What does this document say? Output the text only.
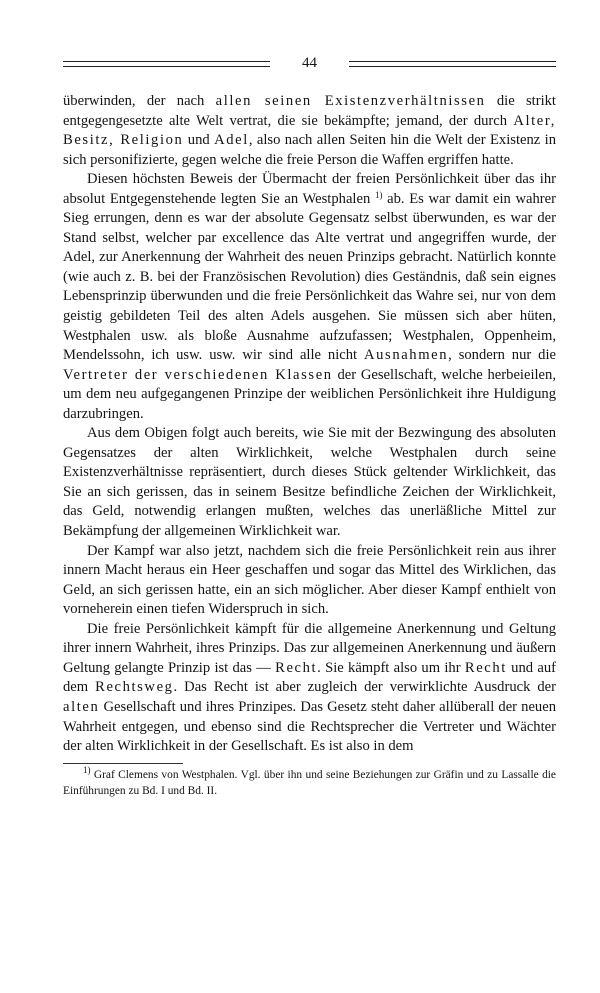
44

überwinden, der nach allen seinen Existenzverhältnissen die strikt entgegengesetzte alte Welt vertrat, die sie bekämpfte; jemand, der durch Alter, Besitz, Religion und Adel, also nach allen Seiten hin die Welt der Existenz in sich personifizierte, gegen welche die freie Person die Waffen ergriffen hatte.

Diesen höchsten Beweis der Übermacht der freien Persönlichkeit über das ihr absolut Entgegenstehende legten Sie an Westphalen $^{1)}$ ab. Es war damit ein wahrer Sieg errungen, denn es war der absolute Gegensatz selbst überwunden, es war der Stand selbst, welcher par excellence das Alte vertrat und angegriffen wurde, der Adel, zur Anerkennung der Wahrheit des neuen Prinzips gebracht. Natürlich konnte (wie auch z. B. bei der Französischen Revolution) dies Geständnis, daß sein eignes Lebensprinzip überwunden und die freie Persönlichkeit das Wahre sei, nur von dem geistig gebildeten Teil des alten Adels ausgehen. Sie müssen sich aber hüten, Westphalen usw. als bloße Ausnahme aufzufassen; Westphalen, Oppenheim, Mendelssohn, ich usw. usw. wir sind alle nicht Ausnahmen, sondern nur die Vertreter der verschiedenen Klassen der Gesellschaft, welche herbeieilen, um dem neu aufgegangenen Prinzipe der weiblichen Persönlichkeit ihre Huldigung darzubringen.

Aus dem Obigen folgt auch bereits, wie Sie mit der Bezwingung des absoluten Gegensatzes der alten Wirklichkeit, welche Westphalen durch seine Existenzverhältnisse repräsentiert, durch dieses Stück geltender Wirklichkeit, das Sie an sich gerissen, das in seinem Besitze befindliche Zeichen der Wirklichkeit, das Geld, notwendig erlangen mußten, welches das unerläßliche Mittel zur Bekämpfung der allgemeinen Wirklichkeit war.

Der Kampf war also jetzt, nachdem sich die freie Persönlichkeit rein aus ihrer innern Macht heraus ein Heer geschaffen und sogar das Mittel des Wirklichen, das Geld, an sich gerissen hatte, ein an sich möglicher. Aber dieser Kampf enthielt von vorneherein einen tiefen Widerspruch in sich.

Die freie Persönlichkeit kämpft für die allgemeine Anerkennung und Geltung ihrer innern Wahrheit, ihres Prinzips. Das zur allgemeinen Anerkennung und äußern Geltung gelangte Prinzip ist das — Recht. Sie kämpft also um ihr Recht und auf dem Rechtsweg. Das Recht ist aber zugleich der verwirklichte Ausdruck der alten Gesellschaft und ihres Prinzipes. Das Gesetz steht daher allüberall der neuen Wahrheit entgegen, und ebenso sind die Rechtsprecher die Vertreter und Wächter der alten Wirklichkeit in der Gesellschaft. Es ist also in dem

$^{1)}$ Graf Clemens von Westphalen. Vgl. über ihn und seine Beziehungen zur Gräfin und zu Lassalle die Einführungen zu Bd. I und Bd. II.
